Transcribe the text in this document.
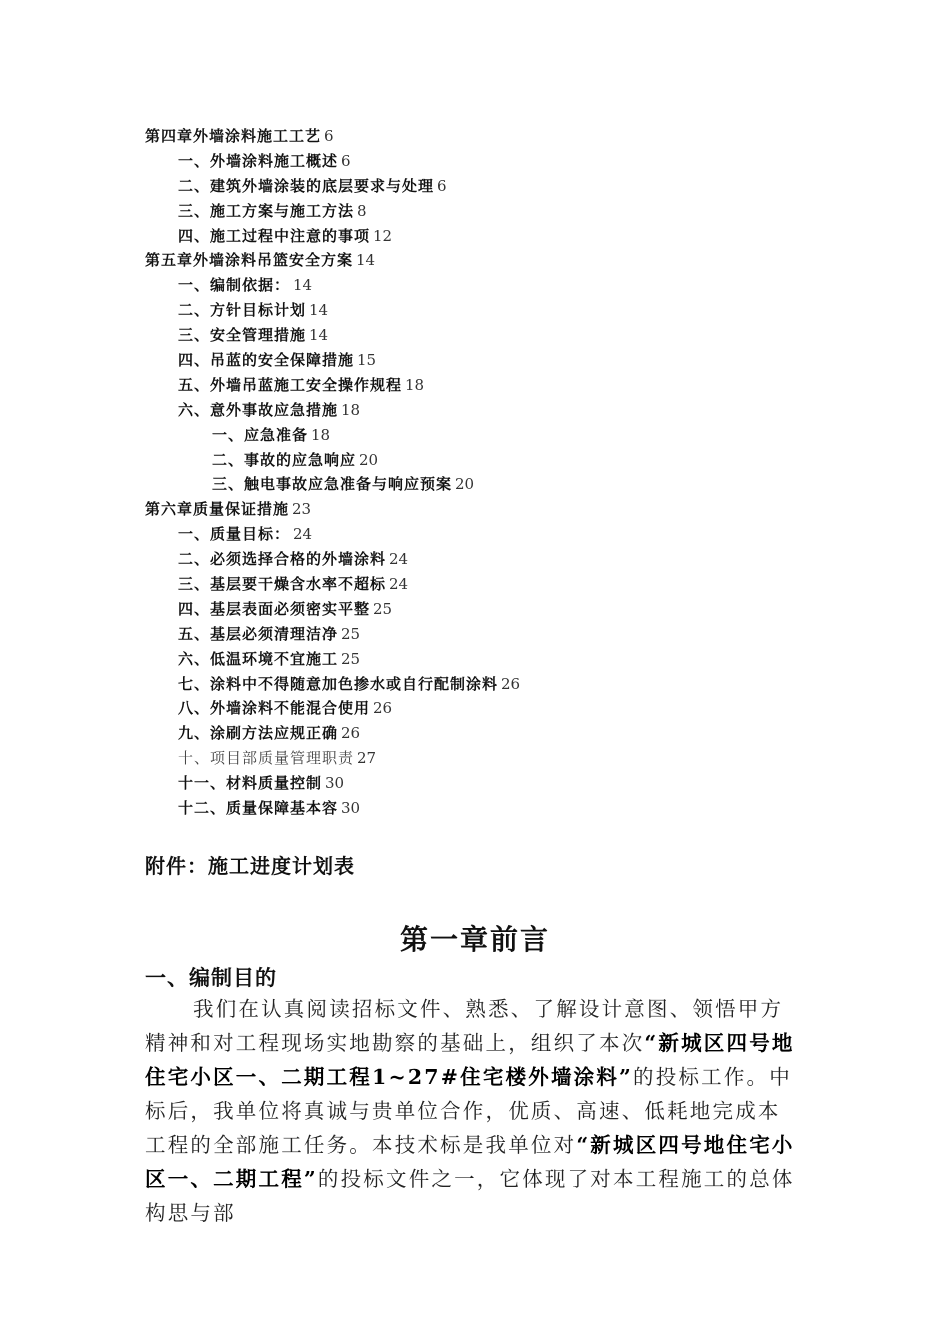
第四章外墙涂料施工工艺 6
一、外墙涂料施工概述 6
二、建筑外墙涂装的底层要求与处理 6
三、施工方案与施工方法 8
四、施工过程中注意的事项 12
第五章外墙涂料吊篮安全方案 14
一、编制依据： 14
二、方针目标计划 14
三、安全管理措施 14
四、吊蓝的安全保障措施 15
五、外墙吊蓝施工安全操作规程 18
六、意外事故应急措施 18
一、应急准备 18
二、事故的应急响应 20
三、触电事故应急准备与响应预案 20
第六章质量保证措施 23
一、质量目标： 24
二、必须选择合格的外墙涂料 24
三、基层要干燥含水率不超标 24
四、基层表面必须密实平整 25
五、基层必须清理洁净 25
六、低温环境不宜施工 25
七、涂料中不得随意加色掺水或自行配制涂料 26
八、外墙涂料不能混合使用 26
九、涂刷方法应规正确 26
十、项目部质量管理职责 27
十一、材料质量控制 30
十二、质量保障基本容 30
附件：施工进度计划表
第一章前言
一、编制目的
我们在认真阅读招标文件、熟悉、了解设计意图、领悟甲方精神和对工程现场实地勘察的基础上，组织了本次“新城区四号地住宅小区一、二期工程1~27#住宅楼外墙涂料”的投标工作。中标后，我单位将真诚与贵单位合作，优质、高速、低耗地完成本工程的全部施工任务。本技术标是我单位对“新城区四号地住宅小区一、二期工程”的投标文件之一，它体现了对本工程施工的总体构思与部
